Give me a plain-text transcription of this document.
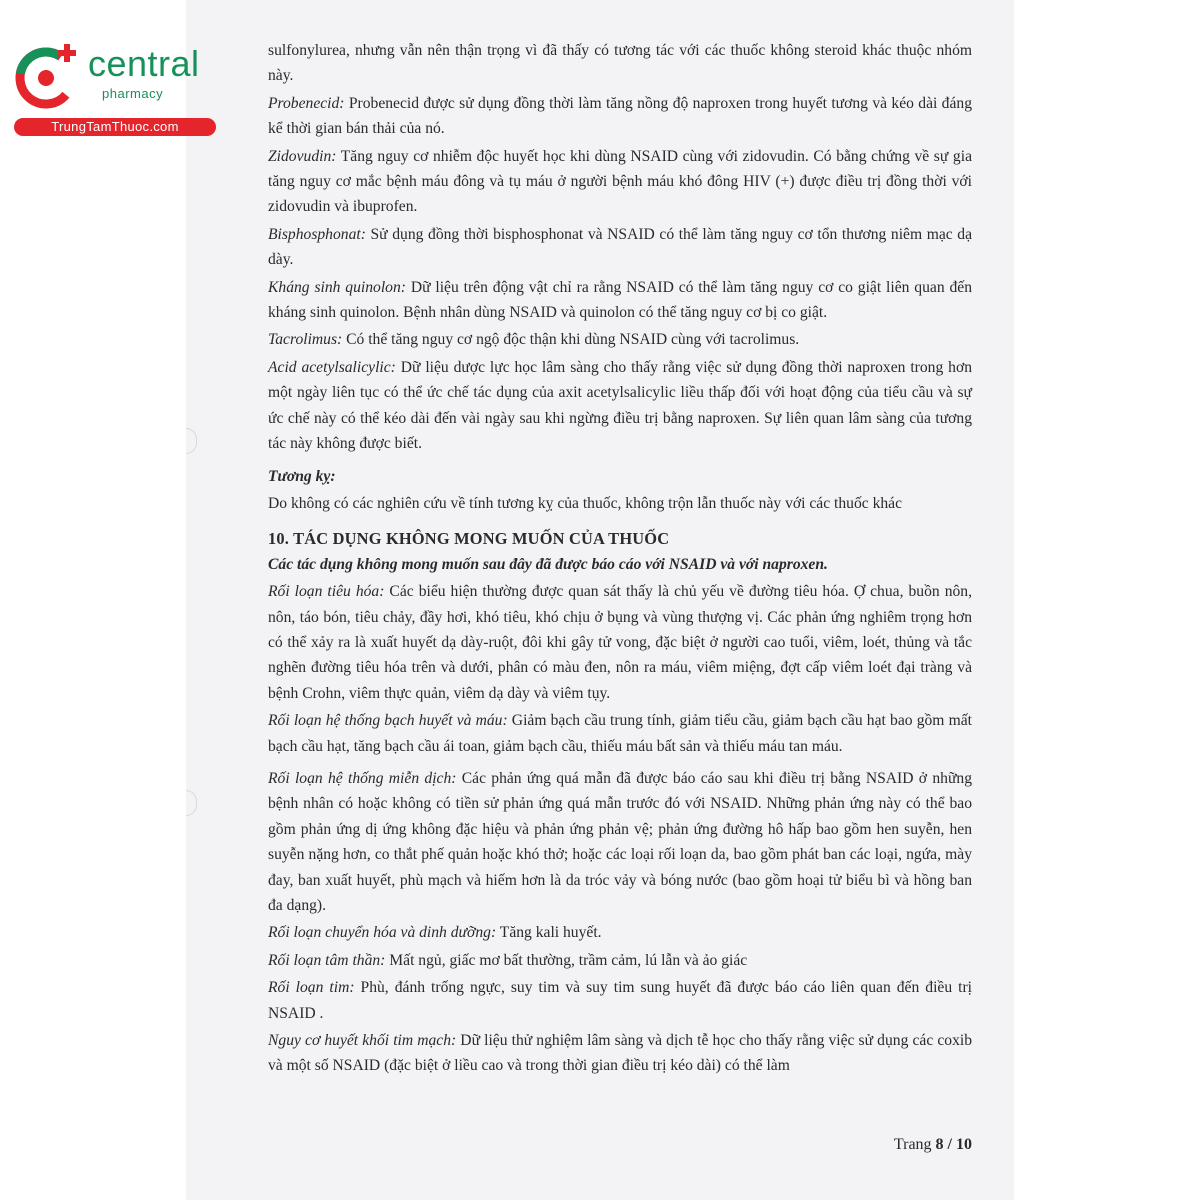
central
pharmacy
TrungTamThuoc.com

sulfonylurea, nhưng vẫn nên thận trọng vì đã thấy có tương tác với các thuốc không steroid khác thuộc nhóm này.

Probenecid: Probenecid được sử dụng đồng thời làm tăng nồng độ naproxen trong huyết tương và kéo dài đáng kể thời gian bán thải của nó.

Zidovudin: Tăng nguy cơ nhiễm độc huyết học khi dùng NSAID cùng với zidovudin. Có bằng chứng về sự gia tăng nguy cơ mắc bệnh máu đông và tụ máu ở người bệnh máu khó đông HIV (+) được điều trị đồng thời với zidovudin và ibuprofen.

Bisphosphonat: Sử dụng đồng thời bisphosphonat và NSAID có thể làm tăng nguy cơ tổn thương niêm mạc dạ dày.

Kháng sinh quinolon: Dữ liệu trên động vật chỉ ra rằng NSAID có thể làm tăng nguy cơ co giật liên quan đến kháng sinh quinolon. Bệnh nhân dùng NSAID và quinolon có thể tăng nguy cơ bị co giật.

Tacrolimus: Có thể tăng nguy cơ ngộ độc thận khi dùng NSAID cùng với tacrolimus.

Acid acetylsalicylic: Dữ liệu dược lực học lâm sàng cho thấy rằng việc sử dụng đồng thời naproxen trong hơn một ngày liên tục có thể ức chế tác dụng của axit acetylsalicylic liều thấp đối với hoạt động của tiểu cầu và sự ức chế này có thể kéo dài đến vài ngày sau khi ngừng điều trị bằng naproxen. Sự liên quan lâm sàng của tương tác này không được biết.

Tương kỵ:

Do không có các nghiên cứu về tính tương kỵ của thuốc, không trộn lẫn thuốc này với các thuốc khác

10. TÁC DỤNG KHÔNG MONG MUỐN CỦA THUỐC

Các tác dụng không mong muốn sau đây đã được báo cáo với NSAID và với naproxen.

Rối loạn tiêu hóa: Các biểu hiện thường được quan sát thấy là chủ yếu về đường tiêu hóa. Ợ chua, buồn nôn, nôn, táo bón, tiêu chảy, đầy hơi, khó tiêu, khó chịu ở bụng và vùng thượng vị. Các phản ứng nghiêm trọng hơn có thể xảy ra là xuất huyết dạ dày-ruột, đôi khi gây tử vong, đặc biệt ở người cao tuổi, viêm, loét, thủng và tắc nghẽn đường tiêu hóa trên và dưới, phân có màu đen, nôn ra máu, viêm miệng, đợt cấp viêm loét đại tràng và bệnh Crohn, viêm thực quản, viêm dạ dày và viêm tụy.

Rối loạn hệ thống bạch huyết và máu: Giảm bạch cầu trung tính, giảm tiểu cầu, giảm bạch cầu hạt bao gồm mất bạch cầu hạt, tăng bạch cầu ái toan, giảm bạch cầu, thiếu máu bất sản và thiếu máu tan máu.

Rối loạn hệ thống miễn dịch: Các phản ứng quá mẫn đã được báo cáo sau khi điều trị bằng NSAID ở những bệnh nhân có hoặc không có tiền sử phản ứng quá mẫn trước đó với NSAID. Những phản ứng này có thể bao gồm phản ứng dị ứng không đặc hiệu và phản ứng phản vệ; phản ứng đường hô hấp bao gồm hen suyễn, hen suyễn nặng hơn, co thắt phế quản hoặc khó thở; hoặc các loại rối loạn da, bao gồm phát ban các loại, ngứa, mày đay, ban xuất huyết, phù mạch và hiếm hơn là da tróc vảy và bóng nước (bao gồm hoại tử biểu bì và hồng ban đa dạng).

Rối loạn chuyển hóa và dinh dưỡng: Tăng kali huyết.

Rối loạn tâm thần: Mất ngủ, giấc mơ bất thường, trầm cảm, lú lẫn và ảo giác

Rối loạn tim: Phù, đánh trống ngực, suy tim và suy tim sung huyết đã được báo cáo liên quan đến điều trị NSAID .

Nguy cơ huyết khối tim mạch: Dữ liệu thử nghiệm lâm sàng và dịch tễ học cho thấy rằng việc sử dụng các coxib và một số NSAID (đặc biệt ở liều cao và trong thời gian điều trị kéo dài) có thể làm

Trang 8 / 10
